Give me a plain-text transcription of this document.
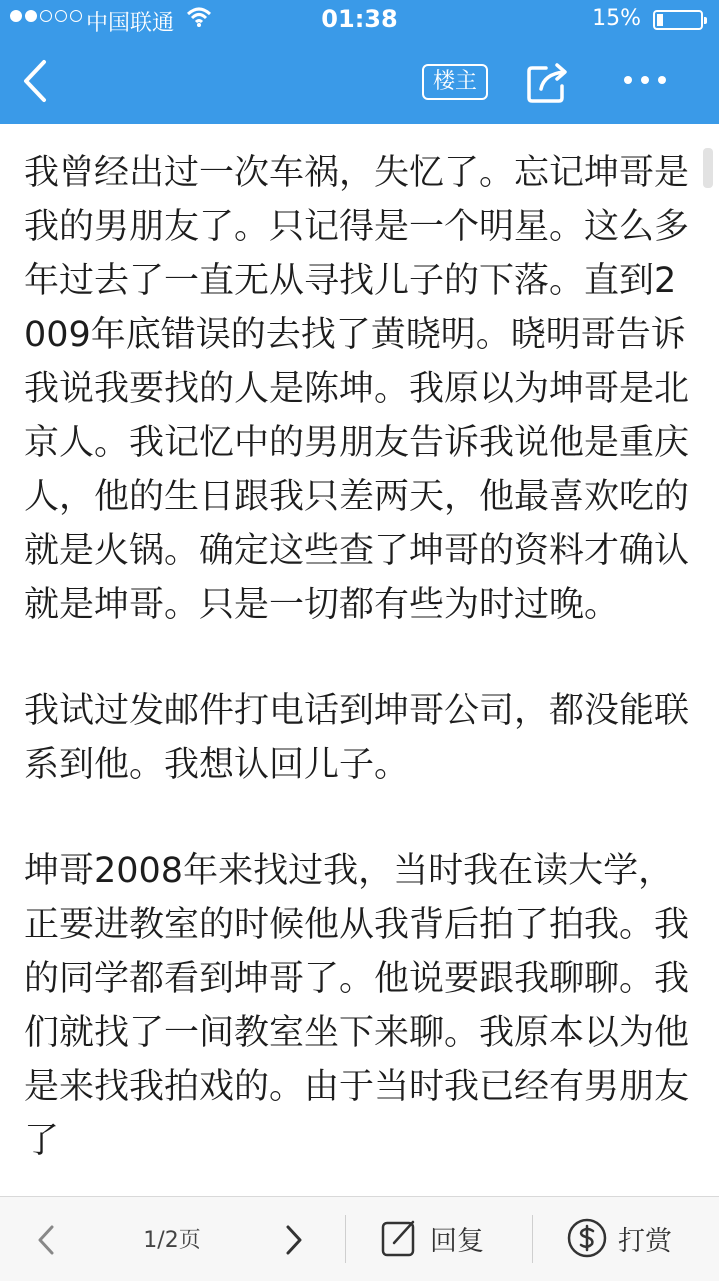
中国联通	01:38	15%
楼主

我曾经出过一次车祸，失忆了。忘记坤哥是我的男朋友了。只记得是一个明星。这么多年过去了一直无从寻找儿子的下落。直到2009年底错误的去找了黄晓明。晓明哥告诉我说我要找的人是陈坤。我原以为坤哥是北京人。我记忆中的男朋友告诉我说他是重庆人，他的生日跟我只差两天，他最喜欢吃的就是火锅。确定这些查了坤哥的资料才确认就是坤哥。只是一切都有些为时过晚。

我试过发邮件打电话到坤哥公司，都没能联系到他。我想认回儿子。

坤哥2008年来找过我，当时我在读大学，正要进教室的时候他从我背后拍了拍我。我的同学都看到坤哥了。他说要跟我聊聊。我们就找了一间教室坐下来聊。我原本以为他是来找我拍戏的。由于当时我已经有男朋友了

1/2页	回复	打赏
